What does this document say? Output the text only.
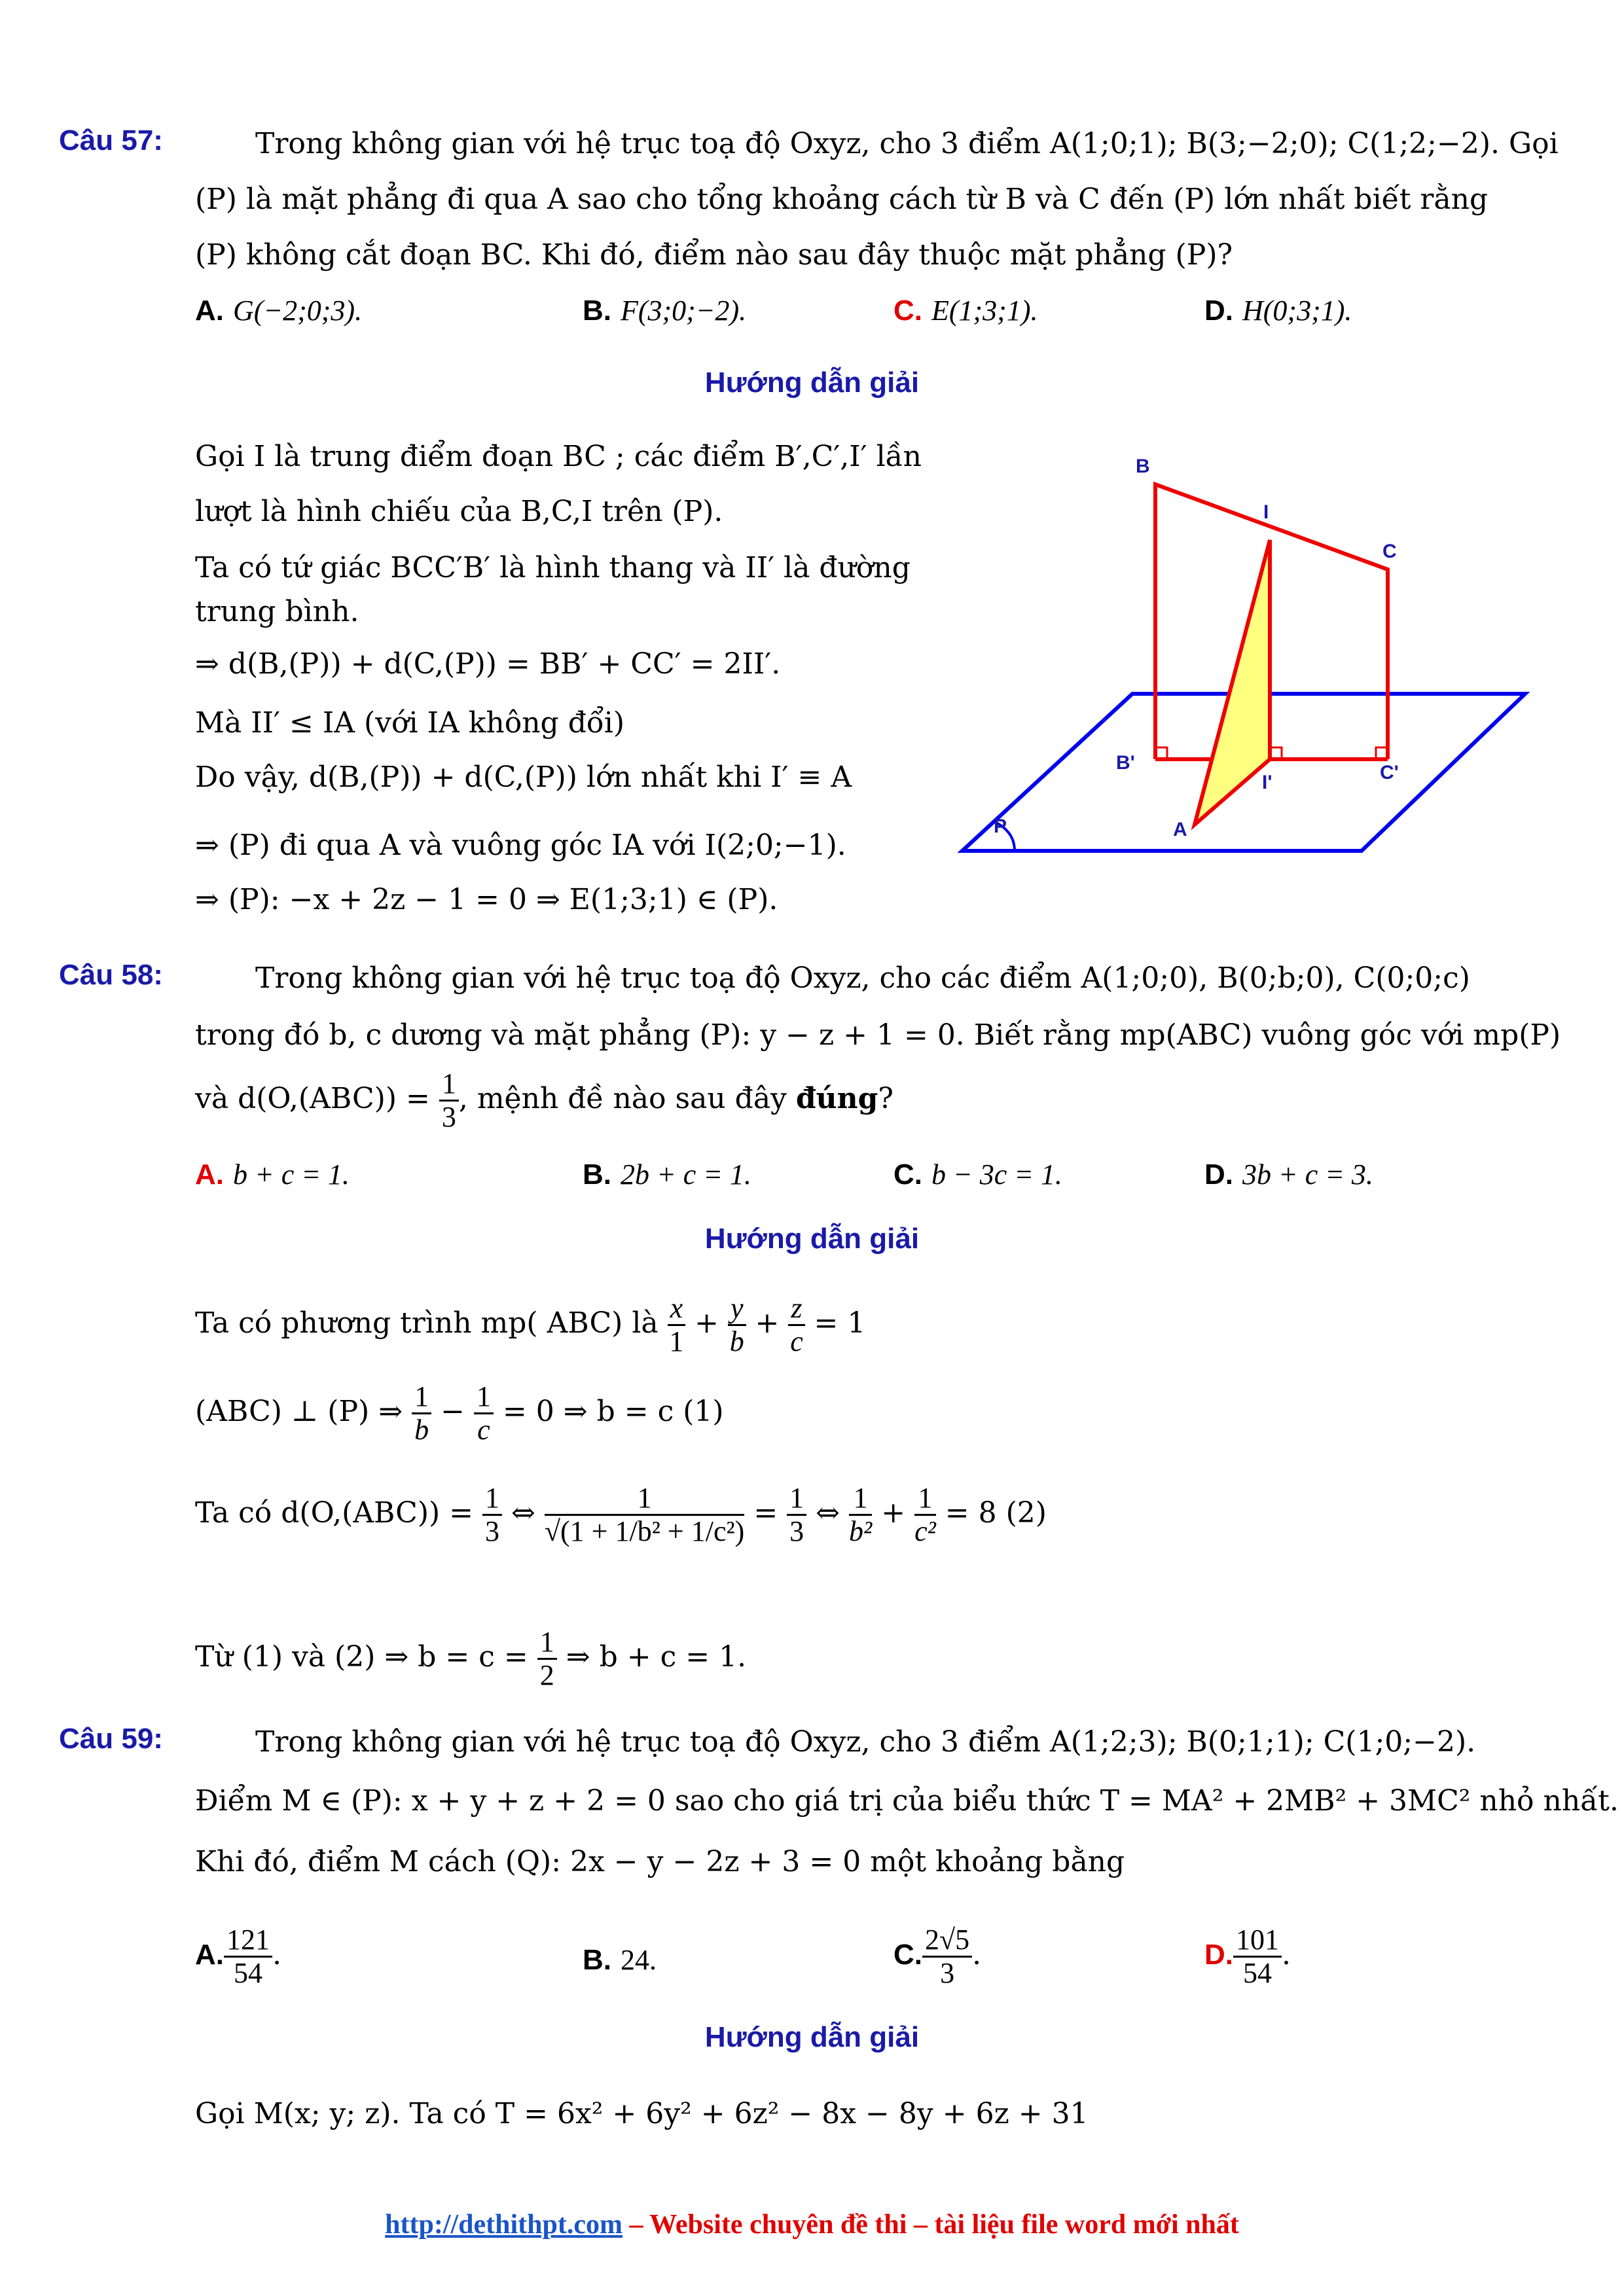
Câu 57:	Trong không gian với hệ trục toạ độ Oxyz, cho 3 điểm A(1;0;1); B(3;−2;0); C(1;2;−2). Gọi
(P) là mặt phẳng đi qua A sao cho tổng khoảng cách từ B và C đến (P) lớn nhất biết rằng
(P) không cắt đoạn BC. Khi đó, điểm nào sau đây thuộc mặt phẳng (P)?
A. G(−2;0;3).	B. F(3;0;−2).	C. E(1;3;1).	D. H(0;3;1).
Hướng dẫn giải
Gọi I là trung điểm đoạn BC ; các điểm B′,C′,I′ lần
lượt là hình chiếu của B,C,I trên (P).
Ta có tứ giác BCC′B′ là hình thang và II′ là đường
trung bình.
⇒ d(B,(P)) + d(C,(P)) = BB′ + CC′ = 2II′.
Mà II′ ≤ IA (với IA không đổi)
Do vậy, d(B,(P)) + d(C,(P)) lớn nhất khi I′ ≡ A
⇒ (P) đi qua A và vuông góc IA với I(2;0;−1).
⇒ (P): −x + 2z − 1 = 0 ⇒ E(1;3;1) ∈ (P).
B
I
C
B'
I'	C'
A
P
Câu 58:	Trong không gian với hệ trục toạ độ Oxyz, cho các điểm A(1;0;0), B(0;b;0), C(0;0;c)
trong đó b, c dương và mặt phẳng (P): y − z + 1 = 0. Biết rằng mp(ABC) vuông góc với mp(P)
và $d(O,(ABC)) = \frac{1}{3}$ , mệnh đề nào sau đây đúng?
A. b + c = 1.	B. 2b + c = 1.	C. b − 3c = 1.	D. 3b + c = 3.
Hướng dẫn giải
Ta có phương trình mp( ABC) là $\frac{x}{1} + \frac{y}{b} + \frac{z}{c} = 1$
(ABC) ⊥ (P) ⇒ $\frac{1}{b} - \frac{1}{c} = 0$ ⇒ b = c (1)
Ta có $d(O,(ABC)) = \frac{1}{3}$ ⇔ $\frac{1}{\text{√(1 + 1/b² + 1/c²)}} = \frac{1}{3}$ ⇔ $\frac{1}{\text{b²}} + \frac{1}{\text{c²}} = 8$ (2)
Từ (1) và (2) ⇒ $b = c = \frac{1}{2}$ ⇒ b + c = 1.
Câu 59:	Trong không gian với hệ trục toạ độ Oxyz, cho 3 điểm A(1;2;3); B(0;1;1); C(1;0;−2).
Điểm M ∈ (P): x + y + z + 2 = 0 sao cho giá trị của biểu thức T = MA² + 2MB² + 3MC² nhỏ nhất.
Khi đó, điểm M cách (Q): 2x − y − 2z + 3 = 0 một khoảng bằng
A. $\frac{121}{54}$ .	B. 24.	C. $\frac{2√5}{3}$ .	D. $\frac{101}{54}$ .
Hướng dẫn giải
Gọi M(x; y; z). Ta có T = 6x² + 6y² + 6z² − 8x − 8y + 6z + 31
http://dethithpt.com – Website chuyên đề thi – tài liệu file word mới nhất
